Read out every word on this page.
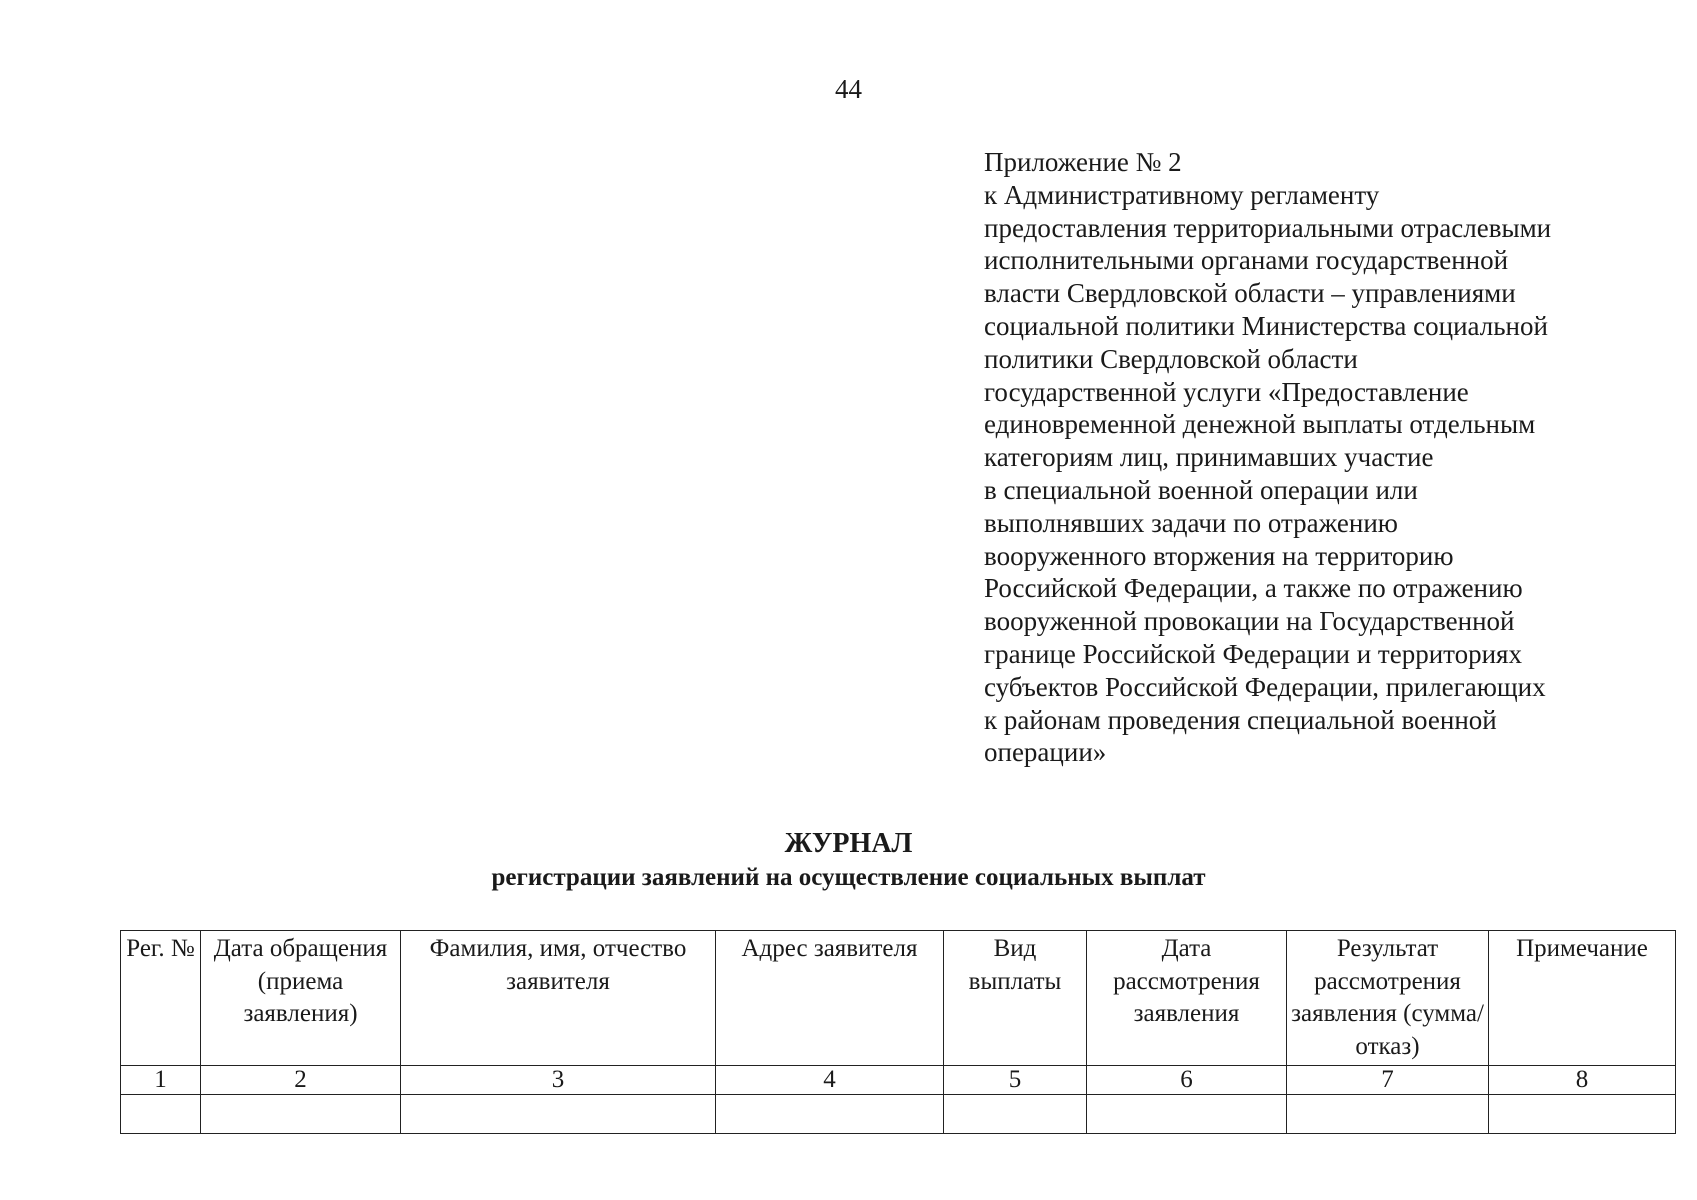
44
Приложение № 2
к Административному регламенту
предоставления территориальными отраслевыми
исполнительными органами государственной
власти Свердловской области – управлениями
социальной политики Министерства социальной
политики Свердловской области
государственной услуги «Предоставление
единовременной денежной выплаты отдельным
категориям лиц, принимавших участие
в специальной военной операции или
выполнявших задачи по отражению
вооруженного вторжения на территорию
Российской Федерации, а также по отражению
вооруженной провокации на Государственной
границе Российской Федерации и территориях
субъектов Российской Федерации, прилегающих
к районам проведения специальной военной
операции»
ЖУРНАЛ
регистрации заявлений на осуществление социальных выплат
Рег. №	Дата обращения (приема заявления)	Фамилия, имя, отчество заявителя	Адрес заявителя	Вид выплаты	Дата рассмотрения заявления	Результат рассмотрения заявления (сумма/отказ)	Примечание
1	2	3	4	5	6	7	8
